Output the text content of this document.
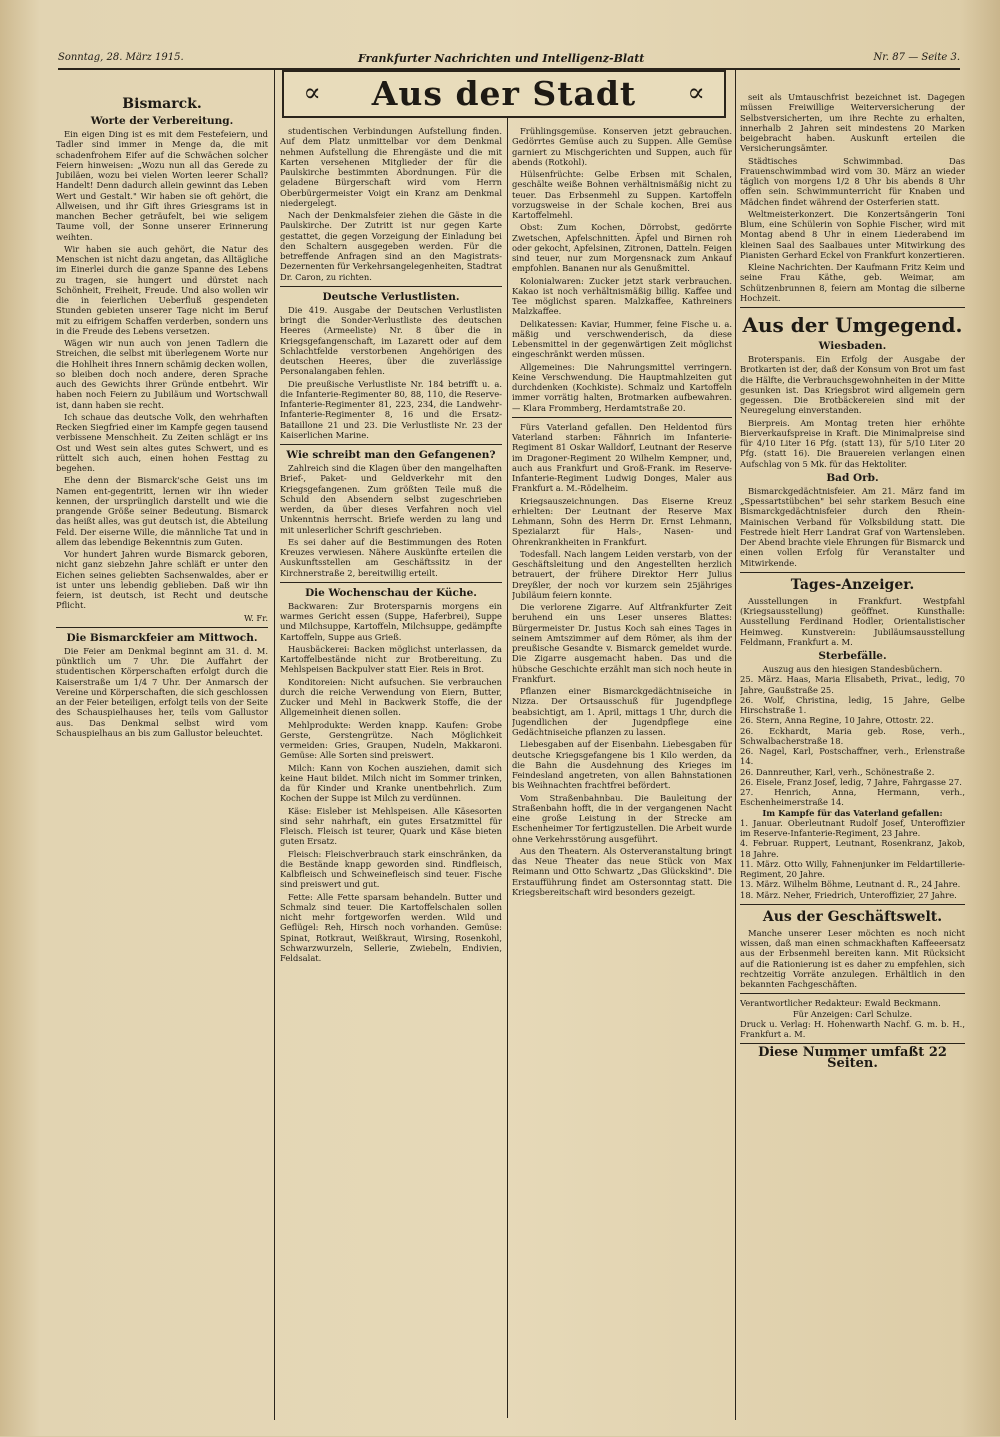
Sonntag, 28. März 1915.	Frankfurter Nachrichten und Intelligenz-Blatt	Nr. 87 — Seite 3.
∝	Aus der Stadt	∝
Bismarck.
Worte der Verbereitung.

Ein eigen Ding ist es mit dem Festefeiern, und Tadler sind immer in Menge da, die mit schadenfrohem Eifer auf die Schwächen solcher Feiern hinweisen: „Wozu nun all das Gerede zu Jubiläen, wozu bei vielen Worten leerer Schall? Handelt! Denn dadurch allein gewinnt das Leben Wert und Gestalt." Wir haben sie oft gehört, die Allweisen, und ihr Gift ihres Griesgrams ist in manchen Becher geträufelt, bei wie seligem Taume voll, der Sonne unserer Erinnerung weihten.

Wir haben sie auch gehört, die Natur des Menschen ist nicht dazu angetan, das Alltägliche im Einerlei durch die ganze Spanne des Lebens zu tragen, sie hungert und dürstet nach Schönheit, Freiheit, Freude. Und also wollen wir die in feierlichen Ueberfluß gespendeten Stunden gebieten unserer Tage nicht im Beruf mit zu eifrigem Schaffen verderben, sondern uns in die Freude des Lebens versetzen.

Wägen wir nun auch von jenen Tadlern die Streichen, die selbst mit überlegenem Worte nur die Hohlheit ihres Innern schämig decken wollen, so bleiben doch noch andere, deren Sprache auch des Gewichts ihrer Gründe entbehrt. Wir haben noch Feiern zu Jubiläum und Wortschwall ist, dann haben sie recht.

Ich schaue das deutsche Volk, den wehrhaften Recken Siegfried einer im Kampfe gegen tausend verbissene Menschheit. Zu Zeiten schlägt er ins Ost und West sein altes gutes Schwert, und es rüttelt sich auch, einen hohen Festtag zu begehen.

Ehe denn der Bismarck'sche Geist uns im Namen ent-gegentritt, lernen wir ihn wieder kennen, der ursprünglich darstellt und wie die prangende Größe seiner Bedeutung. Bismarck das heißt alles, was gut deutsch ist, die Abteilung Feld. Der eiserne Wille, die männliche Tat und in allem das lebendige Bekenntnis zum Guten.

Vor hundert Jahren wurde Bismarck geboren, nicht ganz siebzehn Jahre schläft er unter den Eichen seines geliebten Sachsenwaldes, aber er ist unter uns lebendig geblieben. Daß wir ihn feiern, ist deutsch, ist Recht und deutsche Pflicht.

W. Fr.
Die Bismarckfeier am Mittwoch.

Die Feier am Denkmal beginnt am 31. d. M. pünktlich um 7 Uhr. Die Auffahrt der studentischen Körperschaften erfolgt durch die Kaiserstraße um 1/4 7 Uhr. Der Anmarsch der Vereine und Körperschaften, die sich geschlossen an der Feier beteiligen, erfolgt teils von der Seite des Schauspielhauses her, teils vom Gallustor aus. Das Denkmal selbst wird vom Schauspielhaus an bis zum Gallustor beleuchtet.

studentischen Verbindungen Aufstellung finden. Auf dem Platz unmittelbar vor dem Denkmal nehmen Aufstellung die Ehrengäste und die mit Karten versehenen Mitglieder der für die Paulskirche bestimmten Abordnungen. Für die geladene Bürgerschaft wird vom Herrn Oberbürgermeister Voigt ein Kranz am Denkmal niedergelegt.

Nach der Denkmalsfeier ziehen die Gäste in die Paulskirche. Der Zutritt ist nur gegen Karte gestattet, die gegen Vorzeigung der Einladung bei den Schaltern ausgegeben werden. Für die betreffende Anfragen sind an den Magistrats-Dezernenten für Verkehrsangelegenheiten, Stadtrat Dr. Caron, zu richten.

Deutsche Verlustlisten.

Die 419. Ausgabe der Deutschen Verlustlisten bringt die Sonder-Verlustliste des deutschen Heeres (Armeeliste) Nr. 8 über die in Kriegsgefangenschaft, im Lazarett oder auf dem Schlachtfelde verstorbenen Angehörigen des deutschen Heeres, über die zuverlässige Personalangaben fehlen.

Die preußische Verlustliste Nr. 184 betrifft u. a. die Infanterie-Regimenter 80, 88, 110, die Reserve-Infanterie-Regimenter 81, 223, 234, die Landwehr-Infanterie-Regimenter 8, 16 und die Ersatz-Bataillone 21 und 23. Die Verlustliste Nr. 23 der Kaiserlichen Marine.

Wie schreibt man den Gefangenen?

Zahlreich sind die Klagen über den mangelhaften Brief-, Paket- und Geldverkehr mit den Kriegsgefangenen. Zum größten Teile muß die Schuld den Absendern selbst zugeschrieben werden, da über dieses Verfahren noch viel Unkenntnis herrscht. Briefe werden zu lang und mit unleserlicher Schrift geschrieben.

Es sei daher auf die Bestimmungen des Roten Kreuzes verwiesen. Nähere Auskünfte erteilen die Auskunftsstellen am Geschäftssitz in der Kirchnerstraße 2, bereitwillig erteilt.

Die Wochenschau der Küche.

Backwaren: Zur Brotersparnis morgens ein warmes Gericht essen (Suppe, Haferbrei), Suppe und Milchsuppe, Kartoffeln, Milchsuppe, gedämpfte Kartoffeln, Suppe aus Grieß.

Hausbäckerei: Backen möglichst unterlassen, da Kartoffelbestände nicht zur Brotbereitung. Zu Mehlspeisen Backpulver statt Eier. Reis in Brot.

Konditoreien: Nicht aufsuchen. Sie verbrauchen durch die reiche Verwendung von Eiern, Butter, Zucker und Mehl in Backwerk Stoffe, die der Allgemeinheit dienen sollen.

Mehlprodukte: Werden knapp. Kaufen: Grobe Gerste, Gerstengrütze. Nach Möglichkeit vermeiden: Gries, Graupen, Nudeln, Makkaroni. Gemüse: Alle Sorten sind preiswert.

Milch: Kann von Kochen ausziehen, damit sich keine Haut bildet. Milch nicht im Sommer trinken, da für Kinder und Kranke unentbehrlich. Zum Kochen der Suppe ist Milch zu verdünnen.

Käse: Eisleber ist Mehlspeisen. Alle Käsesorten sind sehr nahrhaft, ein gutes Ersatzmittel für Fleisch. Fleisch ist teurer, Quark und Käse bieten guten Ersatz.

Fleisch: Fleischverbrauch stark einschränken, da die Bestände knapp geworden sind. Rindfleisch, Kalbfleisch und Schweinefleisch sind teuer. Fische sind preiswert und gut.

Fette: Alle Fette sparsam behandeln. Butter und Schmalz sind teuer. Die Kartoffelschalen sollen nicht mehr fortgeworfen werden. Wild und Geflügel: Reh, Hirsch noch vorhanden. Gemüse: Spinat, Rotkraut, Weißkraut, Wirsing, Rosenkohl, Schwarzwurzeln, Sellerie, Zwiebeln, Endivien, Feldsalat.

Frühlingsgemüse. Konserven jetzt gebrauchen. Gedörrtes Gemüse auch zu Suppen. Alle Gemüse garniert zu Mischgerichten und Suppen, auch für abends (Rotkohl).

Hülsenfrüchte: Gelbe Erbsen mit Schalen, geschälte weiße Bohnen verhältnismäßig nicht zu teuer. Das Erbsenmehl zu Suppen. Kartoffeln vorzugsweise in der Schale kochen, Brei aus Kartoffelmehl.

Obst: Zum Kochen, Dörrobst, gedörrte Zwetschen, Apfelschnitten. Äpfel und Birnen roh oder gekocht, Apfelsinen, Zitronen, Datteln. Feigen sind teuer, nur zum Morgensnack zum Ankauf empfohlen. Bananen nur als Genußmittel.

Kolonialwaren: Zucker jetzt stark verbrauchen. Kakao ist noch verhältnismäßig billig. Kaffee und Tee möglichst sparen. Malzkaffee, Kathreiners Malzkaffee.

Delikatessen: Kaviar, Hummer, feine Fische u. a. mäßig und verschwenderisch, da diese Lebensmittel in der gegenwärtigen Zeit möglichst eingeschränkt werden müssen.

Allgemeines: Die Nahrungsmittel verringern. Keine Verschwendung. Die Hauptmahlzeiten gut durchdenken (Kochkiste). Schmalz und Kartoffeln immer vorrätig halten, Brotmarken aufbewahren. — Klara Frommberg, Herdamtstraße 20.

Fürs Vaterland gefallen. Den Heldentod fürs Vaterland starben: Fähnrich im Infanterie-Regiment 81 Oskar Walldorf, Leutnant der Reserve im Dragoner-Regiment 20 Wilhelm Kempner, und, auch aus Frankfurt und Groß-Frank. im Reserve-Infanterie-Regiment Ludwig Donges, Maler aus Frankfurt a. M.-Rödelheim.

Kriegsauszeichnungen. Das Eiserne Kreuz erhielten: Der Leutnant der Reserve Max Lehmann, Sohn des Herrn Dr. Ernst Lehmann, Spezialarzt für Hals-, Nasen- und Ohrenkrankheiten in Frankfurt.

Todesfall. Nach langem Leiden verstarb, von der Geschäftsleitung und den Angestellten herzlich betrauert, der frühere Direktor Herr Julius Dreyßler, der noch vor kurzem sein 25jähriges Jubiläum feiern konnte.

Die verlorene Zigarre. Auf Altfrankfurter Zeit beruhend ein uns Leser unseres Blattes: Bürgermeister Dr. Justus Koch sah eines Tages in seinem Amtszimmer auf dem Römer, als ihm der preußische Gesandte v. Bismarck gemeldet wurde. Die Zigarre ausgemacht haben. Das und die hübsche Geschichte erzählt man sich noch heute in Frankfurt.

Pflanzen einer Bismarckgedächtniseiche in Nizza. Der Ortsausschuß für Jugendpflege beabsichtigt, am 1. April, mittags 1 Uhr, durch die Jugendlichen der Jugendpflege eine Gedächtniseiche pflanzen zu lassen.

Liebesgaben auf der Eisenbahn. Liebesgaben für deutsche Kriegsgefangene bis 1 Kilo werden, da die Bahn die Ausdehnung des Krieges im Feindesland angetreten, von allen Bahnstationen bis Weihnachten frachtfrei befördert.

Vom Straßenbahnbau. Die Bauleitung der Straßenbahn hofft, die in der vergangenen Nacht eine große Leistung in der Strecke am Eschenheimer Tor fertigzustellen. Die Arbeit wurde ohne Verkehrsstörung ausgeführt.

Aus den Theatern. Als Osterveranstaltung bringt das Neue Theater das neue Stück von Max Reimann und Otto Schwartz „Das Glückskind". Die Erstaufführung findet am Ostersonntag statt. Die Kriegsbereitschaft wird besonders gezeigt.

seit als Umtauschfrist bezeichnet ist. Dagegen müssen Freiwillige Weiterversicherung der Selbstversicherten, um ihre Rechte zu erhalten, innerhalb 2 Jahren seit mindestens 20 Marken beigebracht haben. Auskunft erteilen die Versicherungsämter.

Städtisches Schwimmbad. Das Frauenschwimmbad wird vom 30. März an wieder täglich von morgens 1/2 8 Uhr bis abends 8 Uhr offen sein. Schwimmunterricht für Knaben und Mädchen findet während der Osterferien statt.

Weltmeisterkonzert. Die Konzertsängerin Toni Blum, eine Schülerin von Sophie Fischer, wird mit Montag abend 8 Uhr in einem Liederabend im kleinen Saal des Saalbaues unter Mitwirkung des Pianisten Gerhard Eckel von Frankfurt konzertieren.

Kleine Nachrichten. Der Kaufmann Fritz Keim und seine Frau Käthe, geb. Weimar, am Schützenbrunnen 8, feiern am Montag die silberne Hochzeit.

Aus der Umgegend.
Wiesbaden.

Broterspanis. Ein Erfolg der Ausgabe der Brotkarten ist der, daß der Konsum von Brot um fast die Hälfte, die Verbrauchsgewohnheiten in der Mitte gesunken ist. Das Kriegsbrot wird allgemein gern gegessen. Die Brotbäckereien sind mit der Neuregelung einverstanden.

Bierpreis. Am Montag treten hier erhöhte Bierverkaufspreise in Kraft. Die Minimalpreise sind für 4/10 Liter 16 Pfg. (statt 13), für 5/10 Liter 20 Pfg. (statt 16). Die Brauereien verlangen einen Aufschlag von 5 Mk. für das Hektoliter.

Bad Orb.

Bismarckgedächtnisfeier. Am 21. März fand im „Spessartstübchen" bei sehr starkem Besuch eine Bismarckgedächtnisfeier durch den Rhein-Mainischen Verband für Volksbildung statt. Die Festrede hielt Herr Landrat Graf von Wartensleben. Der Abend brachte viele Ehrungen für Bismarck und einen vollen Erfolg für Veranstalter und Mitwirkende.

Tages-Anzeiger.

Ausstellungen in Frankfurt. Westpfahl (Kriegsausstellung) geöffnet. Kunsthalle: Ausstellung Ferdinand Hodler, Orientalistischer Heimweg. Kunstverein: Jubiläumsausstellung Feldmann, Frankfurt a. M.

Sterbefälle.
Auszug aus den hiesigen Standesbüchern.
25. März. Haas, Maria Elisabeth, Privat., ledig, 70 Jahre, Gaußstraße 25.
26. Wolf, Christina, ledig, 15 Jahre, Gelbe Hirschstraße 1.
26. Stern, Anna Regine, 10 Jahre, Ottostr. 22.
26. Eckhardt, Maria geb. Rose, verh., Schwalbacherstraße 18.
26. Nagel, Karl, Postschaffner, verh., Erlenstraße 14.
26. Dannreuther, Karl, verh., Schönestraße 2.
26. Eisele, Franz Josef, ledig, 7 Jahre, Fahrgasse 27.
27. Henrich, Anna, Hermann, verh., Eschenheimerstraße 14.
Im Kampfe für das Vaterland gefallen:
1. Januar. Oberleutnant Rudolf Josef, Unteroffizier im Reserve-Infanterie-Regiment, 23 Jahre.
4. Februar. Ruppert, Leutnant, Rosenkranz, Jakob, 18 Jahre.
11. März. Otto Willy, Fahnenjunker im Feldartillerie-Regiment, 20 Jahre.
13. März. Wilhelm Böhme, Leutnant d. R., 24 Jahre.
18. März. Neher, Friedrich, Unteroffizier, 27 Jahre.
Aus der Geschäftswelt.

Manche unserer Leser möchten es noch nicht wissen, daß man einen schmackhaften Kaffeeersatz aus der Erbsenmehl bereiten kann. Mit Rücksicht auf die Rationierung ist es daher zu empfehlen, sich rechtzeitig Vorräte anzulegen. Erhältlich in den bekannten Fachgeschäften.

Verantwortlicher Redakteur: Ewald Beckmann.
Für Anzeigen: Carl Schulze.
Druck u. Verlag: H. Hohenwarth Nachf. G. m. b. H., Frankfurt a. M.
Diese Nummer umfaßt 22 Seiten.
